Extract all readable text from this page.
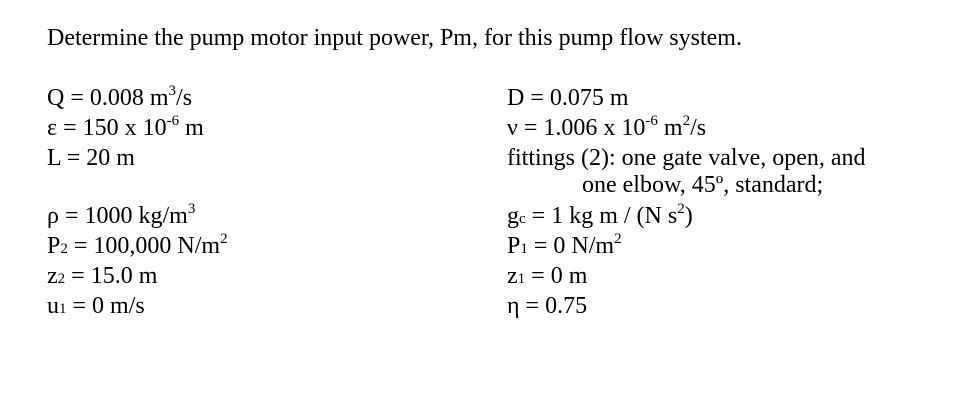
Determine the pump motor input power, Pm, for this pump flow system.
Q = 0.008 $m^3/s$
ε = 150 x $10^{-6}$ m
L = 20 m
ρ = 1000 $kg/m^3$
P2 = 100,000 $N/m^2$
z2 = 15.0 m
u1 = 0 m/s
D = 0.075 m
ν = 1.006 x $10^{-6}$ $m^2/s$
fittings (2): one gate valve, open, and
one elbow, 45º, standard;
gc = 1 kg m / (N $s^2$)
P1 = 0 $N/m^2$
z1 = 0 m
η = 0.75
